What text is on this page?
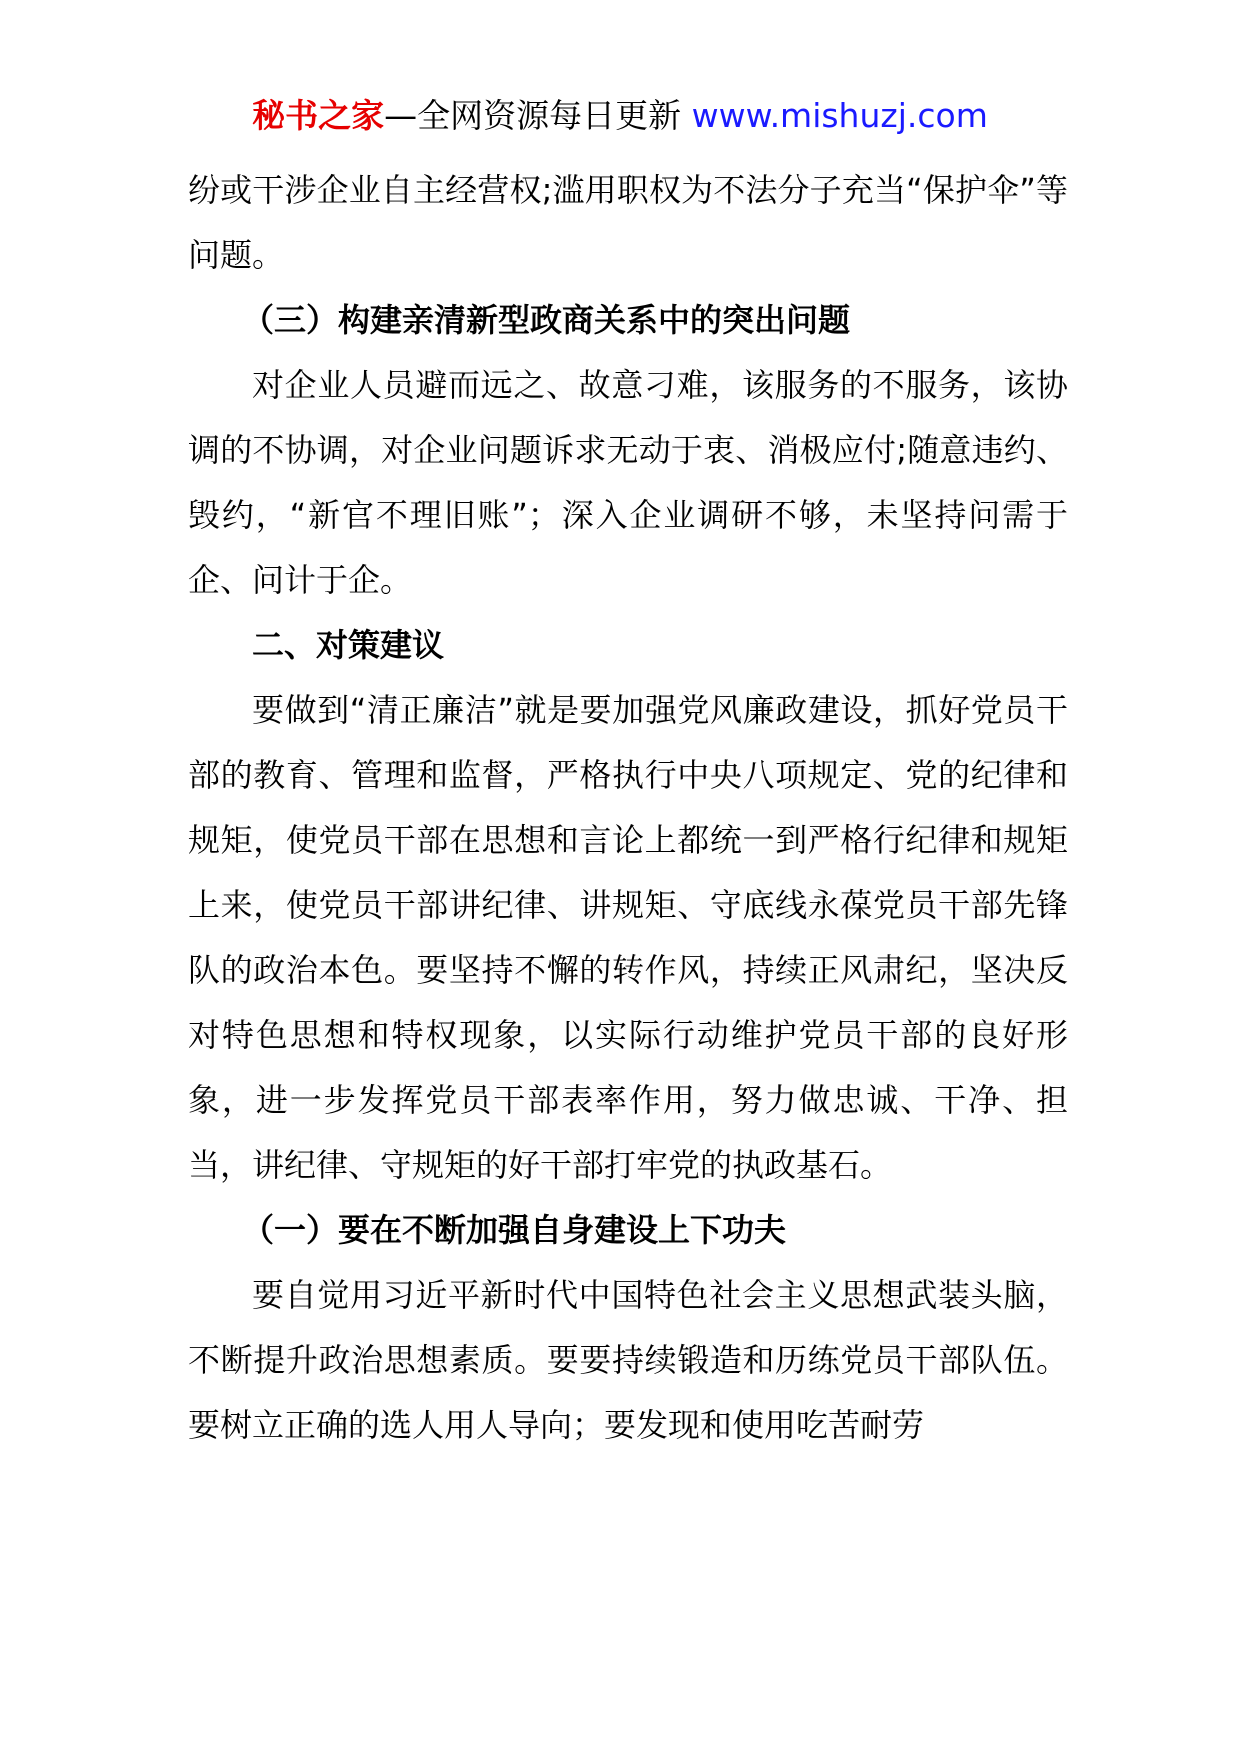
秘书之家—全网资源每日更新 www.mishuzj.com

纷或干涉企业自主经营权;滥用职权为不法分子充当“保护伞”等问题。

（三）构建亲清新型政商关系中的突出问题

对企业人员避而远之、故意刁难，该服务的不服务，该协调的不协调，对企业问题诉求无动于衷、消极应付;随意违约、毁约，“新官不理旧账”；深入企业调研不够，未坚持问需于企、问计于企。

二、对策建议

要做到“清正廉洁”就是要加强党风廉政建设，抓好党员干部的教育、管理和监督，严格执行中央八项规定、党的纪律和规矩，使党员干部在思想和言论上都统一到严格行纪律和规矩上来，使党员干部讲纪律、讲规矩、守底线永葆党员干部先锋队的政治本色。要坚持不懈的转作风，持续正风肃纪，坚决反对特色思想和特权现象，以实际行动维护党员干部的良好形象，进一步发挥党员干部表率作用，努力做忠诚、干净、担当，讲纪律、守规矩的好干部打牢党的执政基石。

（一）要在不断加强自身建设上下功夫

要自觉用习近平新时代中国特色社会主义思想武装头脑，不断提升政治思想素质。要要持续锻造和历练党员干部队伍。要树立正确的选人用人导向；要发现和使用吃苦耐劳
